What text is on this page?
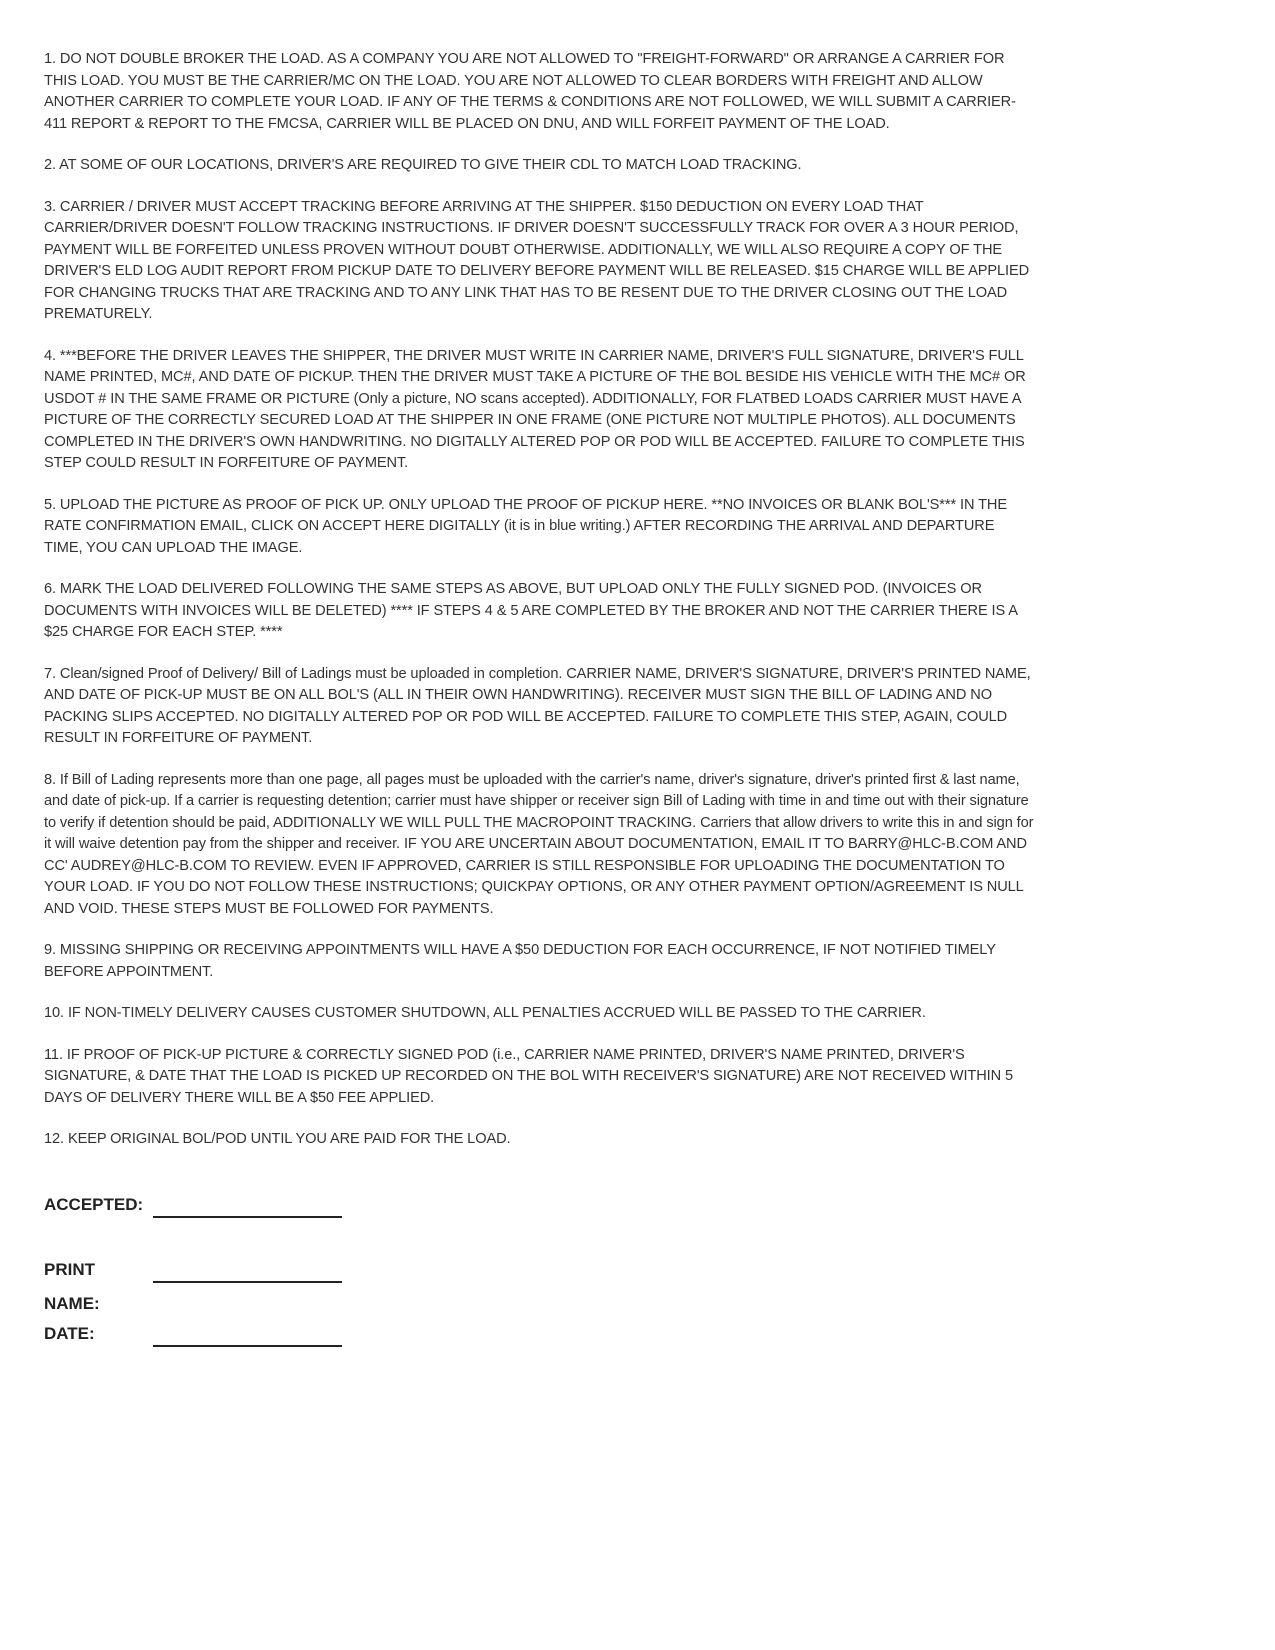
1. DO NOT DOUBLE BROKER THE LOAD. AS A COMPANY YOU ARE NOT ALLOWED TO "FREIGHT-FORWARD" OR ARRANGE A CARRIER FOR THIS LOAD. YOU MUST BE THE CARRIER/MC ON THE LOAD. YOU ARE NOT ALLOWED TO CLEAR BORDERS WITH FREIGHT AND ALLOW ANOTHER CARRIER TO COMPLETE YOUR LOAD. IF ANY OF THE TERMS & CONDITIONS ARE NOT FOLLOWED, WE WILL SUBMIT A CARRIER-411 REPORT & REPORT TO THE FMCSA, CARRIER WILL BE PLACED ON DNU, AND WILL FORFEIT PAYMENT OF THE LOAD.

2. AT SOME OF OUR LOCATIONS, DRIVER'S ARE REQUIRED TO GIVE THEIR CDL TO MATCH LOAD TRACKING.

3. CARRIER / DRIVER MUST ACCEPT TRACKING BEFORE ARRIVING AT THE SHIPPER. $150 DEDUCTION ON EVERY LOAD THAT CARRIER/DRIVER DOESN'T FOLLOW TRACKING INSTRUCTIONS. IF DRIVER DOESN'T SUCCESSFULLY TRACK FOR OVER A 3 HOUR PERIOD, PAYMENT WILL BE FORFEITED UNLESS PROVEN WITHOUT DOUBT OTHERWISE. ADDITIONALLY, WE WILL ALSO REQUIRE A COPY OF THE DRIVER'S ELD LOG AUDIT REPORT FROM PICKUP DATE TO DELIVERY BEFORE PAYMENT WILL BE RELEASED. $15 CHARGE WILL BE APPLIED FOR CHANGING TRUCKS THAT ARE TRACKING AND TO ANY LINK THAT HAS TO BE RESENT DUE TO THE DRIVER CLOSING OUT THE LOAD PREMATURELY.

4. ***BEFORE THE DRIVER LEAVES THE SHIPPER, THE DRIVER MUST WRITE IN CARRIER NAME, DRIVER'S FULL SIGNATURE, DRIVER'S FULL NAME PRINTED, MC#, AND DATE OF PICKUP. THEN THE DRIVER MUST TAKE A PICTURE OF THE BOL BESIDE HIS VEHICLE WITH THE MC# OR USDOT # IN THE SAME FRAME OR PICTURE (Only a picture, NO scans accepted). ADDITIONALLY, FOR FLATBED LOADS CARRIER MUST HAVE A PICTURE OF THE CORRECTLY SECURED LOAD AT THE SHIPPER IN ONE FRAME (ONE PICTURE NOT MULTIPLE PHOTOS). ALL DOCUMENTS COMPLETED IN THE DRIVER'S OWN HANDWRITING. NO DIGITALLY ALTERED POP OR POD WILL BE ACCEPTED. FAILURE TO COMPLETE THIS STEP COULD RESULT IN FORFEITURE OF PAYMENT.

5. UPLOAD THE PICTURE AS PROOF OF PICK UP. ONLY UPLOAD THE PROOF OF PICKUP HERE. **NO INVOICES OR BLANK BOL'S*** IN THE RATE CONFIRMATION EMAIL, CLICK ON ACCEPT HERE DIGITALLY (it is in blue writing.) AFTER RECORDING THE ARRIVAL AND DEPARTURE TIME, YOU CAN UPLOAD THE IMAGE.

6. MARK THE LOAD DELIVERED FOLLOWING THE SAME STEPS AS ABOVE, BUT UPLOAD ONLY THE FULLY SIGNED POD. (INVOICES OR DOCUMENTS WITH INVOICES WILL BE DELETED) **** IF STEPS 4 & 5 ARE COMPLETED BY THE BROKER AND NOT THE CARRIER THERE IS A $25 CHARGE FOR EACH STEP. ****

7. Clean/signed Proof of Delivery/ Bill of Ladings must be uploaded in completion. CARRIER NAME, DRIVER'S SIGNATURE, DRIVER'S PRINTED NAME, AND DATE OF PICK-UP MUST BE ON ALL BOL'S (ALL IN THEIR OWN HANDWRITING). RECEIVER MUST SIGN THE BILL OF LADING AND NO PACKING SLIPS ACCEPTED. NO DIGITALLY ALTERED POP OR POD WILL BE ACCEPTED. FAILURE TO COMPLETE THIS STEP, AGAIN, COULD RESULT IN FORFEITURE OF PAYMENT.

8. If Bill of Lading represents more than one page, all pages must be uploaded with the carrier's name, driver's signature, driver's printed first & last name, and date of pick-up. If a carrier is requesting detention; carrier must have shipper or receiver sign Bill of Lading with time in and time out with their signature to verify if detention should be paid, ADDITIONALLY WE WILL PULL THE MACROPOINT TRACKING. Carriers that allow drivers to write this in and sign for it will waive detention pay from the shipper and receiver. IF YOU ARE UNCERTAIN ABOUT DOCUMENTATION, EMAIL IT TO BARRY@HLC-B.COM AND CC' AUDREY@HLC-B.COM TO REVIEW. EVEN IF APPROVED, CARRIER IS STILL RESPONSIBLE FOR UPLOADING THE DOCUMENTATION TO YOUR LOAD. IF YOU DO NOT FOLLOW THESE INSTRUCTIONS; QUICKPAY OPTIONS, OR ANY OTHER PAYMENT OPTION/AGREEMENT IS NULL AND VOID. THESE STEPS MUST BE FOLLOWED FOR PAYMENTS.

9. MISSING SHIPPING OR RECEIVING APPOINTMENTS WILL HAVE A $50 DEDUCTION FOR EACH OCCURRENCE, IF NOT NOTIFIED TIMELY BEFORE APPOINTMENT.

10. IF NON-TIMELY DELIVERY CAUSES CUSTOMER SHUTDOWN, ALL PENALTIES ACCRUED WILL BE PASSED TO THE CARRIER.

11. IF PROOF OF PICK-UP PICTURE & CORRECTLY SIGNED POD (i.e., CARRIER NAME PRINTED, DRIVER'S NAME PRINTED, DRIVER'S SIGNATURE, & DATE THAT THE LOAD IS PICKED UP RECORDED ON THE BOL WITH RECEIVER'S SIGNATURE) ARE NOT RECEIVED WITHIN 5 DAYS OF DELIVERY THERE WILL BE A $50 FEE APPLIED.

12. KEEP ORIGINAL BOL/POD UNTIL YOU ARE PAID FOR THE LOAD.

ACCEPTED:
PRINT
NAME:
DATE:
